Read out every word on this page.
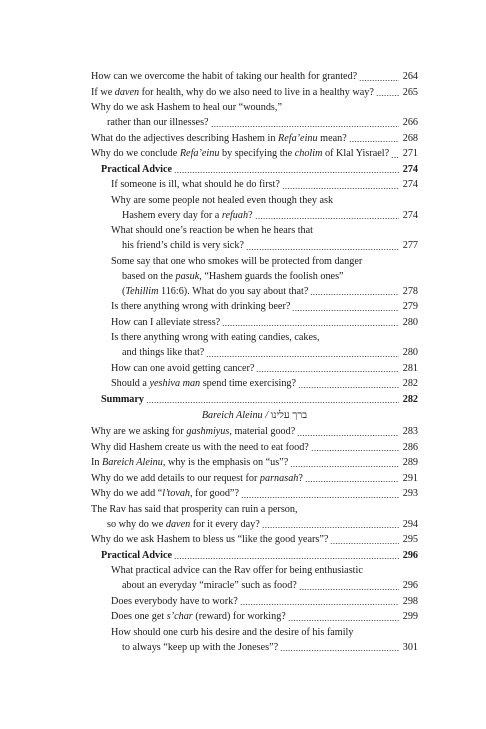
How can we overcome the habit of taking our health for granted?	264
If we daven for health, why do we also need to live in a healthy way?	265
Why do we ask Hashem to heal our “wounds,”
rather than our illnesses?	266
What do the adjectives describing Hashem in Refa’einu mean?	268
Why do we conclude Refa’einu by specifying the cholim of Klal Yisrael? 271
Practical Advice	274
If someone is ill, what should he do first?	274
Why are some people not healed even though they ask
Hashem every day for a refuah?	274
What should one’s reaction be when he hears that
his friend’s child is very sick?	277
Some say that one who smokes will be protected from danger
based on the pasuk, “Hashem guards the foolish ones”
(Tehillim 116:6). What do you say about that?	278
Is there anything wrong with drinking beer?	279
How can I alleviate stress?	280
Is there anything wrong with eating candies, cakes,
and things like that?	280
How can one avoid getting cancer?	281
Should a yeshiva man spend time exercising?	282
Summary	282
Bareich Aleinu / ברך עלינו
Why are we asking for gashmiyus, material good?	283
Why did Hashem create us with the need to eat food?	286
In Bareich Aleinu, why is the emphasis on “us”?	289
Why do we add details to our request for parnasah?	291
Why do we add “l’tovah, for good”?	293
The Rav has said that prosperity can ruin a person,
so why do we daven for it every day?	294
Why do we ask Hashem to bless us “like the good years”?	295
Practical Advice	296
What practical advice can the Rav offer for being enthusiastic
about an everyday “miracle” such as food?	296
Does everybody have to work?	298
Does one get s’char (reward) for working?	299
How should one curb his desire and the desire of his family
to always “keep up with the Joneses”?	301
